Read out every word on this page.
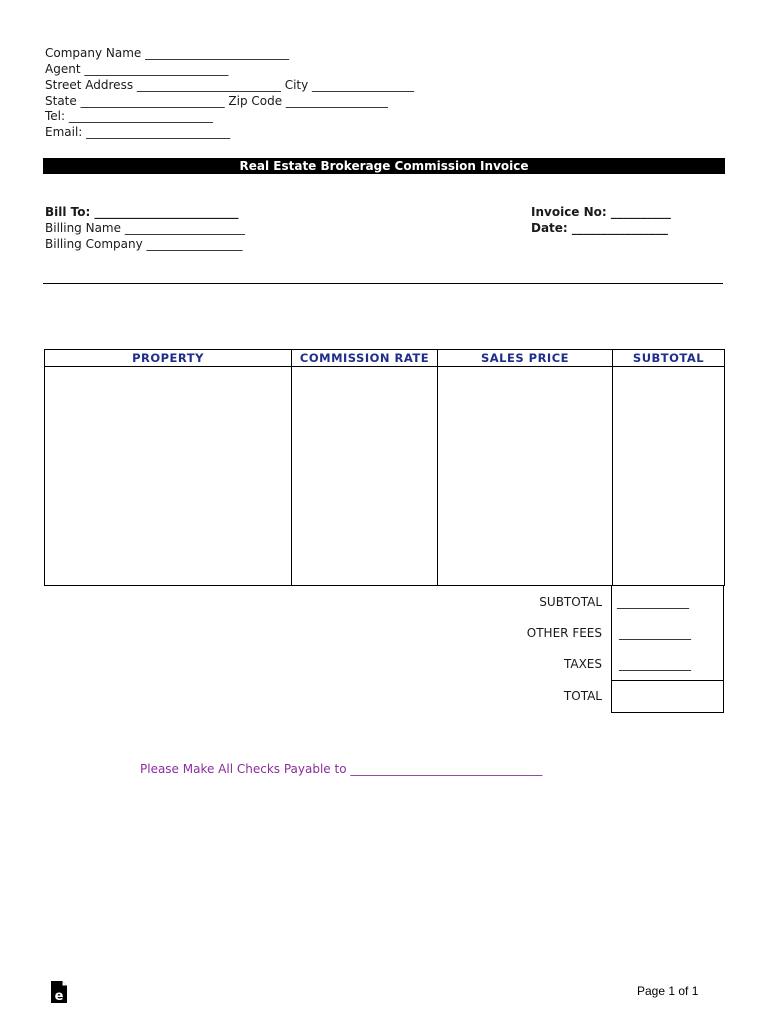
Company Name ________________________
Agent ________________________
Street Address ________________________ City _________________
State ________________________ Zip Code _________________
Tel: ________________________
Email: ________________________
Real Estate Brokerage Commission Invoice
Bill To: ________________________
Billing Name ____________________
Billing Company ________________
Invoice No: __________
Date: ________________
PROPERTY	COMMISSION RATE	SALES PRICE	SUBTOTAL

SUBTOTAL ____________
OTHER FEES ____________
TAXES ____________
TOTAL
Please Make All Checks Payable to ________________________________
e	Page 1 of 1
